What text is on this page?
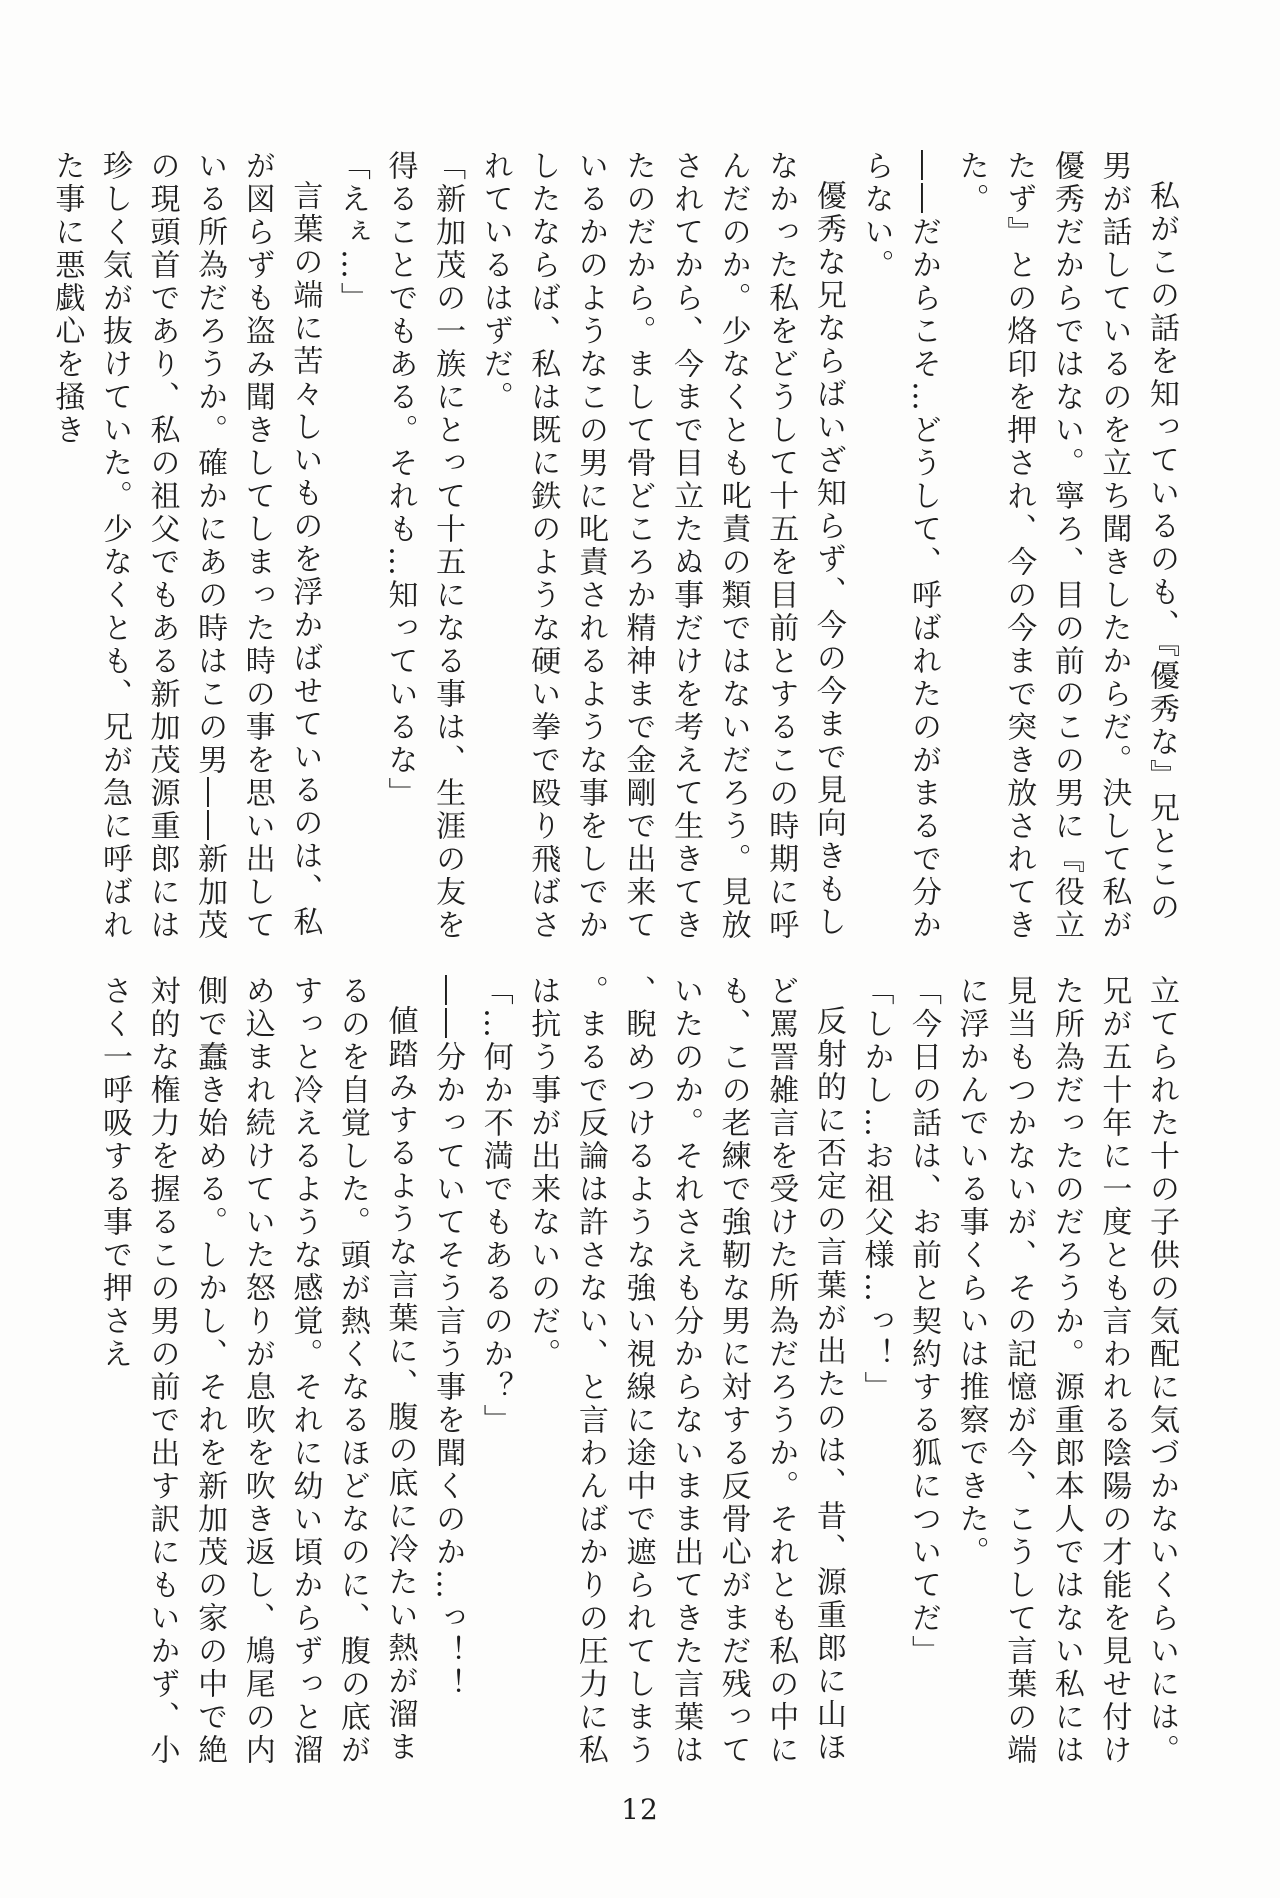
私がこの話を知っているのも、『優秀な』兄とこの男が話しているのを立ち聞きしたからだ。決して私が優秀だからではない。寧ろ、目の前のこの男に『役立たず』との烙印を押され、今の今まで突き放されてきた。

――だからこそ…どうして、呼ばれたのがまるで分からない。

優秀な兄ならばいざ知らず、今の今まで見向きもしなかった私をどうして十五を目前とするこの時期に呼んだのか。少なくとも叱責の類ではないだろう。見放されてから、今まで目立たぬ事だけを考えて生きてきたのだから。まして骨どころか精神まで金剛で出来ているかのようなこの男に叱責されるような事をしでかしたならば、私は既に鉄のような硬い拳で殴り飛ばされているはずだ。

「新加茂の一族にとって十五になる事は、生涯の友を得ることでもある。それも…知っているな」

「えぇ…」

言葉の端に苦々しいものを浮かばせているのは、私が図らずも盗み聞きしてしまった時の事を思い出している所為だろうか。確かにあの時はこの男――新加茂の現頭首であり、私の祖父でもある新加茂源重郎には珍しく気が抜けていた。少なくとも、兄が急に呼ばれた事に悪戯心を掻き

立てられた十の子供の気配に気づかないくらいには。兄が五十年に一度とも言われる陰陽の才能を見せ付けた所為だったのだろうか。源重郎本人ではない私には見当もつかないが、その記憶が今、こうして言葉の端に浮かんでいる事くらいは推察できた。

「今日の話は、お前と契約する狐についてだ」

「しかし…お祖父様…っ！」

反射的に否定の言葉が出たのは、昔、源重郎に山ほど罵詈雑言を受けた所為だろうか。それとも私の中にも、この老練で強靭な男に対する反骨心がまだ残っていたのか。それさえも分からないまま出てきた言葉は、睨めつけるような強い視線に途中で遮られてしまう。まるで反論は許さない、と言わんばかりの圧力に私は抗う事が出来ないのだ。

「…何か不満でもあるのか？」

――分かっていてそう言う事を聞くのか…っ！！

値踏みするような言葉に、腹の底に冷たい熱が溜まるのを自覚した。頭が熱くなるほどなのに、腹の底がすっと冷えるような感覚。それに幼い頃からずっと溜め込まれ続けていた怒りが息吹を吹き返し、鳩尾の内側で蠢き始める。しかし、それを新加茂の家の中で絶対的な権力を握るこの男の前で出す訳にもいかず、小さく一呼吸する事で押さえ

12
